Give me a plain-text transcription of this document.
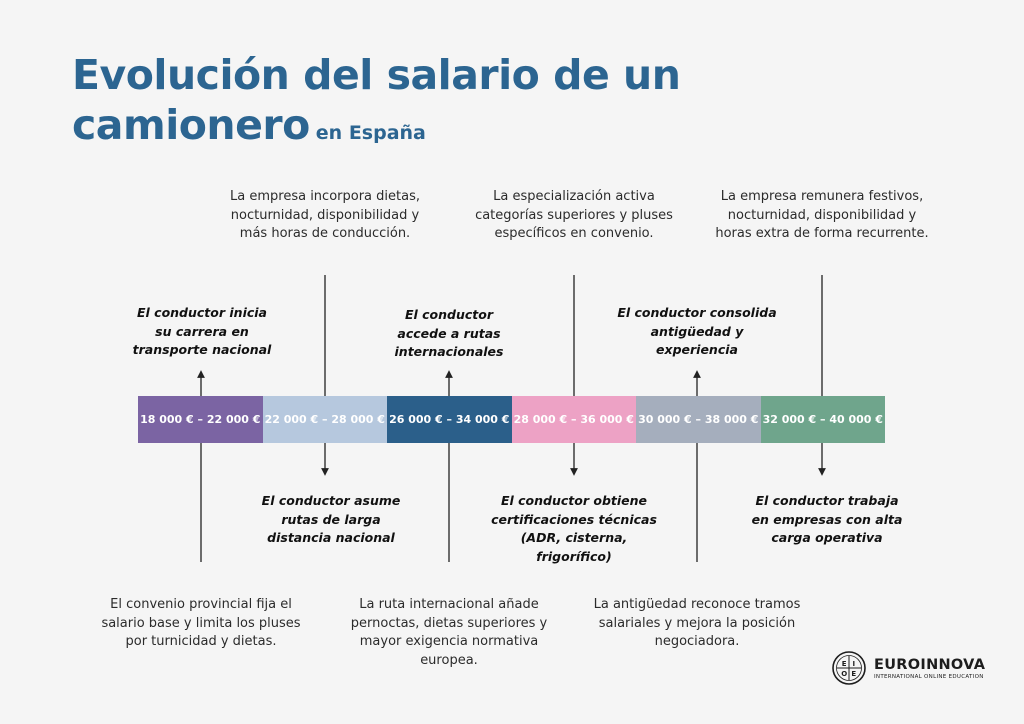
Evolución del salario de un
camionero en España
El convenio provincial fija el
salario base y limita los pluses
por turnicidad y dietas.
La empresa incorpora dietas,
nocturnidad, disponibilidad y
más horas de conducción.
La ruta internacional añade
pernoctas, dietas superiores y
mayor exigencia normativa
europea.
La especialización activa
categorías superiores y pluses
específicos en convenio.
La antigüedad reconoce tramos
salariales y mejora la posición
negociadora.
La empresa remunera festivos,
nocturnidad, disponibilidad y
horas extra de forma recurrente.
El conductor inicia
su carrera en
transporte nacional
El conductor asume
rutas de larga
distancia nacional
El conductor
accede a rutas
internacionales
El conductor obtiene
certificaciones técnicas
(ADR, cisterna,
frigorífico)
El conductor consolida
antigüedad y
experiencia
El conductor trabaja
en empresas con alta
carga operativa
18 000 € – 22 000 € 22 000 € – 28 000 € 26 000 € – 34 000 € 28 000 € – 36 000 € 30 000 € – 38 000 € 32 000 € – 40 000 €
E I
O E
EUROINNOVA
INTERNATIONAL ONLINE EDUCATION
